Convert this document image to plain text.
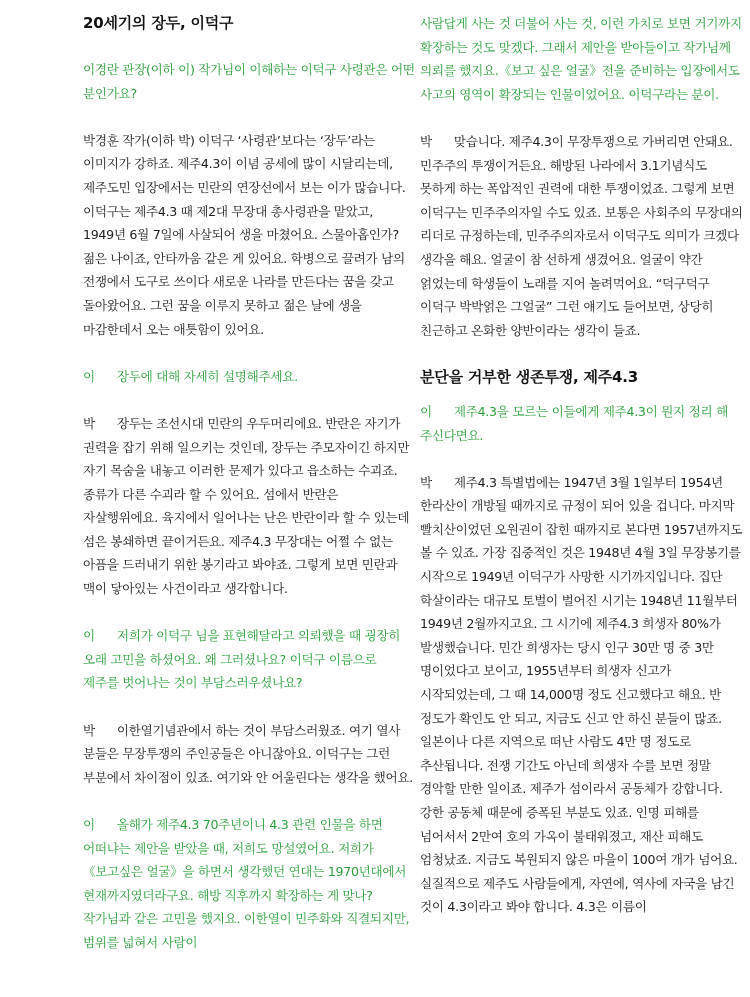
20세기의 장두, 이덕구

이경란 관장(이하 이) 작가님이 이해하는 이덕구 사령관은 어떤 분인가요?

박경훈 작가(이하 박) 이덕구 ‘사령관’보다는 ‘장두’라는 이미지가 강하죠. 제주4.3이 이념 공세에 많이 시달리는데, 제주도민 입장에서는 민란의 연장선에서 보는 이가 많습니다. 이덕구는 제주4.3 때 제2대 무장대 총사령관을 맡았고, 1949년 6월 7일에 사살되어 생을 마쳤어요. 스물아홉인가? 젊은 나이죠, 안타까움 같은 게 있어요. 학병으로 끌려가 남의 전쟁에서 도구로 쓰이다 새로운 나라를 만든다는 꿈을 갖고 돌아왔어요. 그런 꿈을 이루지 못하고 젊은 날에 생을 마감한데서 오는 애틋함이 있어요.

이 장두에 대해 자세히 설명해주세요.

박 장두는 조선시대 민란의 우두머리에요. 반란은 자기가 권력을 잡기 위해 일으키는 것인데, 장두는 주모자이긴 하지만 자기 목숨을 내놓고 이러한 문제가 있다고 읍소하는 수괴죠. 종류가 다른 수괴라 할 수 있어요. 섬에서 반란은 자살행위에요. 육지에서 일어나는 난은 반란이라 할 수 있는데 섬은 봉쇄하면 끝이거든요. 제주4.3 무장대는 어쩔 수 없는 아픔을 드러내기 위한 봉기라고 봐야죠. 그렇게 보면 민란과 맥이 닿아있는 사건이라고 생각합니다.

이 저희가 이덕구 님을 표현해달라고 의뢰했을 때 굉장히 오래 고민을 하셨어요. 왜 그러셨나요? 이덕구 이름으로 제주를 벗어나는 것이 부담스러우셨나요?

박 이한열기념관에서 하는 것이 부담스러웠죠. 여기 열사 분들은 무장투쟁의 주인공들은 아니잖아요. 이덕구는 그런 부분에서 차이점이 있죠. 여기와 안 어울린다는 생각을 했어요.

이 올해가 제주4.3 70주년이니 4.3 관련 인물을 하면 어떠냐는 제안을 받았을 때, 저희도 망설였어요. 저희가《보고싶은 얼굴》을 하면서 생각했던 연대는 1970년대에서 현재까지였더라구요. 해방 직후까지 확장하는 게 맞나? 작가님과 같은 고민을 했지요. 이한열이 민주화와 직결되지만, 범위를 넓혀서 사람이

사람답게 사는 것 더불어 사는 것, 이런 가치로 보면 거기까지 확장하는 것도 맞겠다. 그래서 제안을 받아들이고 작가님께 의뢰를 했지요.《보고 싶은 얼굴》전을 준비하는 입장에서도 사고의 영역이 확장되는 인물이었어요. 이덕구라는 분이.

박 맞습니다. 제주4.3이 무장투쟁으로 가버리면 안돼요. 민주주의 투쟁이거든요. 해방된 나라에서 3.1기념식도 못하게 하는 폭압적인 권력에 대한 투쟁이었죠. 그렇게 보면 이덕구는 민주주의자일 수도 있죠. 보통은 사회주의 무장대의 리더로 규정하는데, 민주주의자로서 이덕구도 의미가 크겠다 생각을 해요. 얼굴이 참 선하게 생겼어요. 얼굴이 약간 얽었는데 학생들이 노래를 지어 놀려먹어요. “덕구덕구 이덕구 박박얽은 그얼굴” 그런 얘기도 들어보면, 상당히 친근하고 온화한 양반이라는 생각이 들죠.

분단을 거부한 생존투쟁, 제주4.3

이 제주4.3을 모르는 이들에게 제주4.3이 뭔지 정리 해 주신다면요.

박 제주4.3 특별법에는 1947년 3월 1일부터 1954년 한라산이 개방될 때까지로 규정이 되어 있을 겁니다. 마지막 빨치산이었던 오원권이 잡힌 때까지로 본다면 1957년까지도 볼 수 있죠. 가장 집중적인 것은 1948년 4월 3일 무장봉기를 시작으로 1949년 이덕구가 사망한 시기까지입니다. 집단 학살이라는 대규모 토벌이 벌어진 시기는 1948년 11월부터 1949년 2월까지고요. 그 시기에 제주4.3 희생자 80%가 발생했습니다. 민간 희생자는 당시 인구 30만 명 중 3만 명이었다고 보이고, 1955년부터 희생자 신고가 시작되었는데, 그 때 14,000명 정도 신고했다고 해요. 반 정도가 확인도 안 되고, 지금도 신고 안 하신 분들이 많죠. 일본이나 다른 지역으로 떠난 사람도 4만 명 정도로 추산됩니다. 전쟁 기간도 아닌데 희생자 수를 보면 정말 경악할 만한 일이죠. 제주가 섬이라서 공동체가 강합니다. 강한 공동체 때문에 증폭된 부분도 있죠. 인명 피해를 넘어서서 2만여 호의 가옥이 불태워졌고, 재산 피해도 엄청났죠. 지금도 복원되지 않은 마을이 100여 개가 넘어요. 실질적으로 제주도 사람들에게, 자연에, 역사에 자국을 남긴 것이 4.3이라고 봐야 합니다. 4.3은 이름이
